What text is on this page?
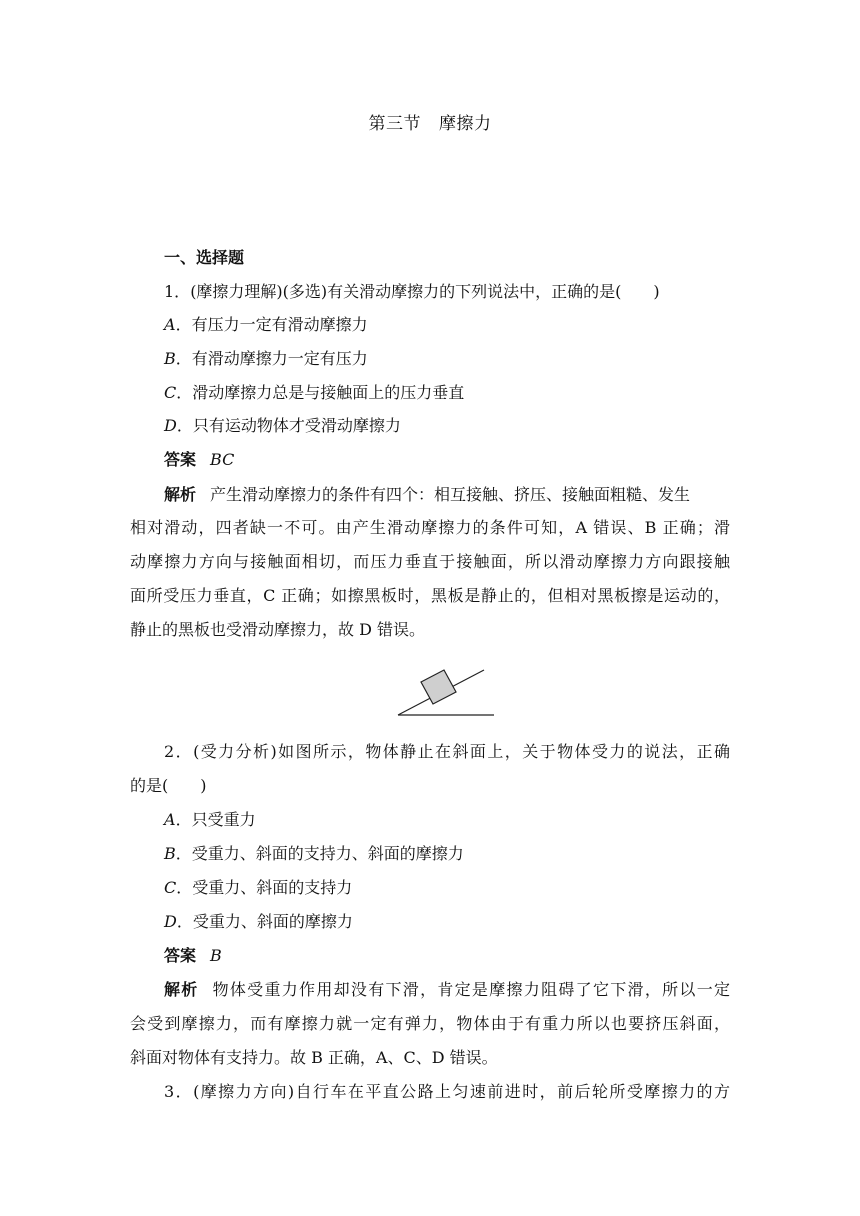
第三节 摩擦力
一、选择题
1．(摩擦力理解)(多选)有关滑动摩擦力的下列说法中，正确的是(　　)
A．有压力一定有滑动摩擦力
B．有滑动摩擦力一定有压力
C．滑动摩擦力总是与接触面上的压力垂直
D．只有运动物体才受滑动摩擦力
答案 BC
解析 产生滑动摩擦力的条件有四个：相互接触、挤压、接触面粗糙、发生
相对滑动，四者缺一不可。由产生滑动摩擦力的条件可知，A 错误、B 正确；滑
动摩擦力方向与接触面相切，而压力垂直于接触面，所以滑动摩擦力方向跟接触
面所受压力垂直，C 正确；如擦黑板时，黑板是静止的，但相对黑板擦是运动的，
静止的黑板也受滑动摩擦力，故 D 错误。
2．(受力分析)如图所示，物体静止在斜面上，关于物体受力的说法，正确
的是(　　)
A．只受重力
B．受重力、斜面的支持力、斜面的摩擦力
C．受重力、斜面的支持力
D．受重力、斜面的摩擦力
答案 B
解析 物体受重力作用却没有下滑，肯定是摩擦力阻碍了它下滑，所以一定
会受到摩擦力，而有摩擦力就一定有弹力，物体由于有重力所以也要挤压斜面，
斜面对物体有支持力。故 B 正确，A、C、D 错误。
3．(摩擦力方向)自行车在平直公路上匀速前进时，前后轮所受摩擦力的方
